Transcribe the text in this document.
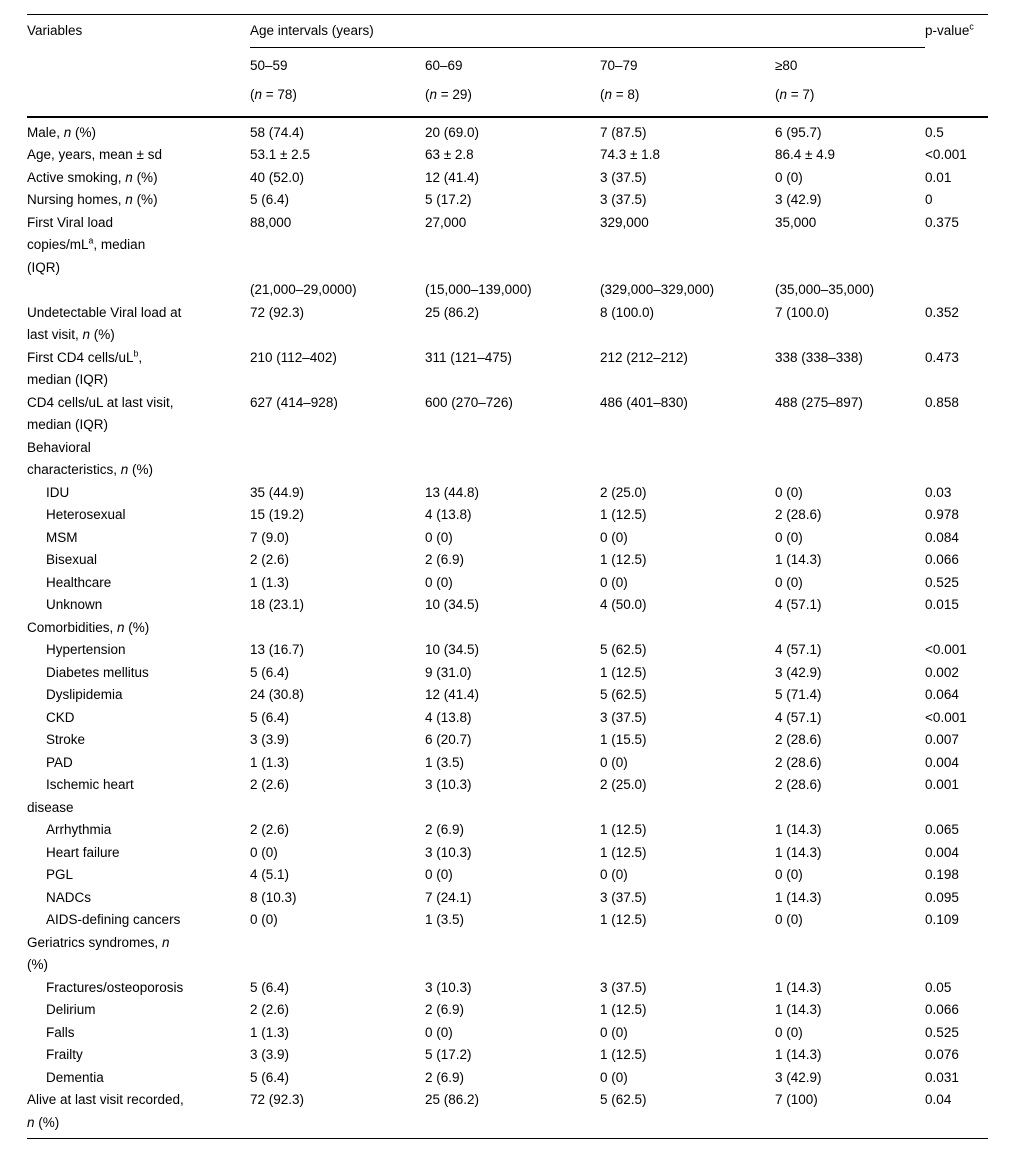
Variables	Age intervals (years)				p-value$^c$
	50–59	60–69	70–79	≥80	
	(n = 78)	(n = 29)	(n = 8)	(n = 7)	
Male, n (%)	58 (74.4)	20 (69.0)	7 (87.5)	6 (95.7)	0.5
Age, years, mean ± sd	53.1 ± 2.5	63 ± 2.8	74.3 ± 1.8	86.4 ± 4.9	<0.001
Active smoking, n (%)	40 (52.0)	12 (41.4)	3 (37.5)	0 (0)	0.01
Nursing homes, n (%)	5 (6.4)	5 (17.2)	3 (37.5)	3 (42.9)	0
First Viral load
copies/$mL^a$, median
(IQR)	88,000	27,000	329,000	35,000	0.375
	(21,000–29,0000)	(15,000–139,000)	(329,000–329,000)	(35,000–35,000)	
Undetectable Viral load at
last visit, n (%)	72 (92.3)	25 (86.2)	8 (100.0)	7 (100.0)	0.352
First CD4 cells/$uL^b$,
median (IQR)	210 (112–402)	311 (121–475)	212 (212–212)	338 (338–338)	0.473
CD4 cells/uL at last visit,
median (IQR)	627 (414–928)	600 (270–726)	486 (401–830)	488 (275–897)	0.858
Behavioral
characteristics, n (%)					
IDU	35 (44.9)	13 (44.8)	2 (25.0)	0 (0)	0.03
Heterosexual	15 (19.2)	4 (13.8)	1 (12.5)	2 (28.6)	0.978
MSM	7 (9.0)	0 (0)	0 (0)	0 (0)	0.084
Bisexual	2 (2.6)	2 (6.9)	1 (12.5)	1 (14.3)	0.066
Healthcare	1 (1.3)	0 (0)	0 (0)	0 (0)	0.525
Unknown	18 (23.1)	10 (34.5)	4 (50.0)	4 (57.1)	0.015
Comorbidities, n (%)					
Hypertension	13 (16.7)	10 (34.5)	5 (62.5)	4 (57.1)	<0.001
Diabetes mellitus	5 (6.4)	9 (31.0)	1 (12.5)	3 (42.9)	0.002
Dyslipidemia	24 (30.8)	12 (41.4)	5 (62.5)	5 (71.4)	0.064
CKD	5 (6.4)	4 (13.8)	3 (37.5)	4 (57.1)	<0.001
Stroke	3 (3.9)	6 (20.7)	1 (15.5)	2 (28.6)	0.007
PAD	1 (1.3)	1 (3.5)	0 (0)	2 (28.6)	0.004
Ischemic heart
disease	2 (2.6)	3 (10.3)	2 (25.0)	2 (28.6)	0.001
Arrhythmia	2 (2.6)	2 (6.9)	1 (12.5)	1 (14.3)	0.065
Heart failure	0 (0)	3 (10.3)	1 (12.5)	1 (14.3)	0.004
PGL	4 (5.1)	0 (0)	0 (0)	0 (0)	0.198
NADCs	8 (10.3)	7 (24.1)	3 (37.5)	1 (14.3)	0.095
AIDS-defining cancers	0 (0)	1 (3.5)	1 (12.5)	0 (0)	0.109
Geriatrics syndromes, n
(%)					
Fractures/osteoporosis	5 (6.4)	3 (10.3)	3 (37.5)	1 (14.3)	0.05
Delirium	2 (2.6)	2 (6.9)	1 (12.5)	1 (14.3)	0.066
Falls	1 (1.3)	0 (0)	0 (0)	0 (0)	0.525
Frailty	3 (3.9)	5 (17.2)	1 (12.5)	1 (14.3)	0.076
Dementia	5 (6.4)	2 (6.9)	0 (0)	3 (42.9)	0.031
Alive at last visit recorded,
n (%)	72 (92.3)	25 (86.2)	5 (62.5)	7 (100)	0.04
